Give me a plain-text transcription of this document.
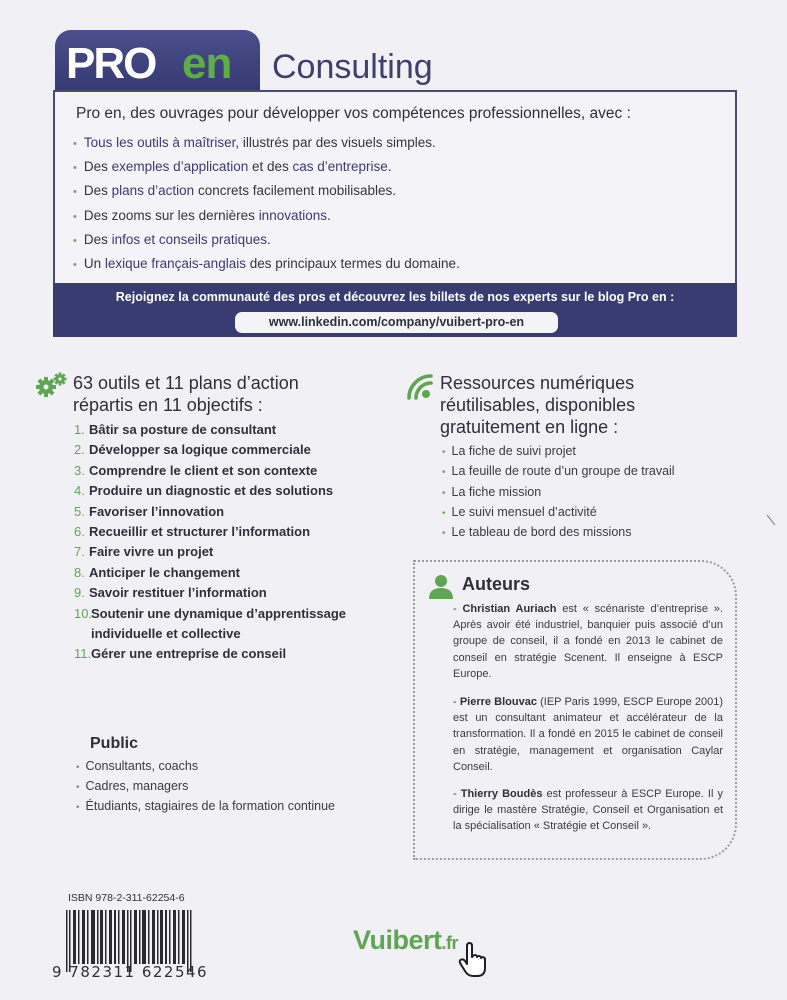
PRO en Consulting
Pro en, des ouvrages pour développer vos compétences professionnelles, avec :
• Tous les outils à maîtriser, illustrés par des visuels simples.
• Des exemples d’application et des cas d’entreprise.
• Des plans d’action concrets facilement mobilisables.
• Des zooms sur les dernières innovations.
• Des infos et conseils pratiques.
• Un lexique français-anglais des principaux termes du domaine.
Rejoignez la communauté des pros et découvrez les billets de nos experts sur le blog Pro en :
www.linkedin.com/company/vuibert-pro-en
63 outils et 11 plans d’action
répartis en 11 objectifs :
1. Bâtir sa posture de consultant
2. Développer sa logique commerciale
3. Comprendre le client et son contexte
4. Produire un diagnostic et des solutions
5. Favoriser l’innovation
6. Recueillir et structurer l’information
7. Faire vivre un projet
8. Anticiper le changement
9. Savoir restituer l’information
10.
Soutenir une dynamique d’apprentissage
individuelle et collective
11. Gérer une entreprise de conseil
Ressources numériques
réutilisables, disponibles
gratuitement en ligne :
• La fiche de suivi projet
• La feuille de route d’un groupe de travail
• La fiche mission
• Le suivi mensuel d’activité
• Le tableau de bord des missions
Auteurs
- Christian Auriach est « scénariste d’entreprise ». Après avoir été industriel, banquier puis associé d’un groupe de conseil, il a fondé en 2013 le cabinet de conseil en stratégie Scenent. Il enseigne à ESCP Europe.
- Pierre Blouvac (IEP Paris 1999, ESCP Europe 2001) est un consultant animateur et accélérateur de la transformation. Il a fondé en 2015 le cabinet de conseil en stratégie, management et organisation Caylar Conseil.
- Thierry Boudès est professeur à ESCP Europe. Il y dirige le mastère Stratégie, Conseil et Organisation et la spécialisation « Stratégie et Conseil ».
Public
• Consultants, coachs
• Cadres, managers
• Étudiants, stagiaires de la formation continue
ISBN 978-2-311-62254-6
9 782311 622546
Vuibert.fr
